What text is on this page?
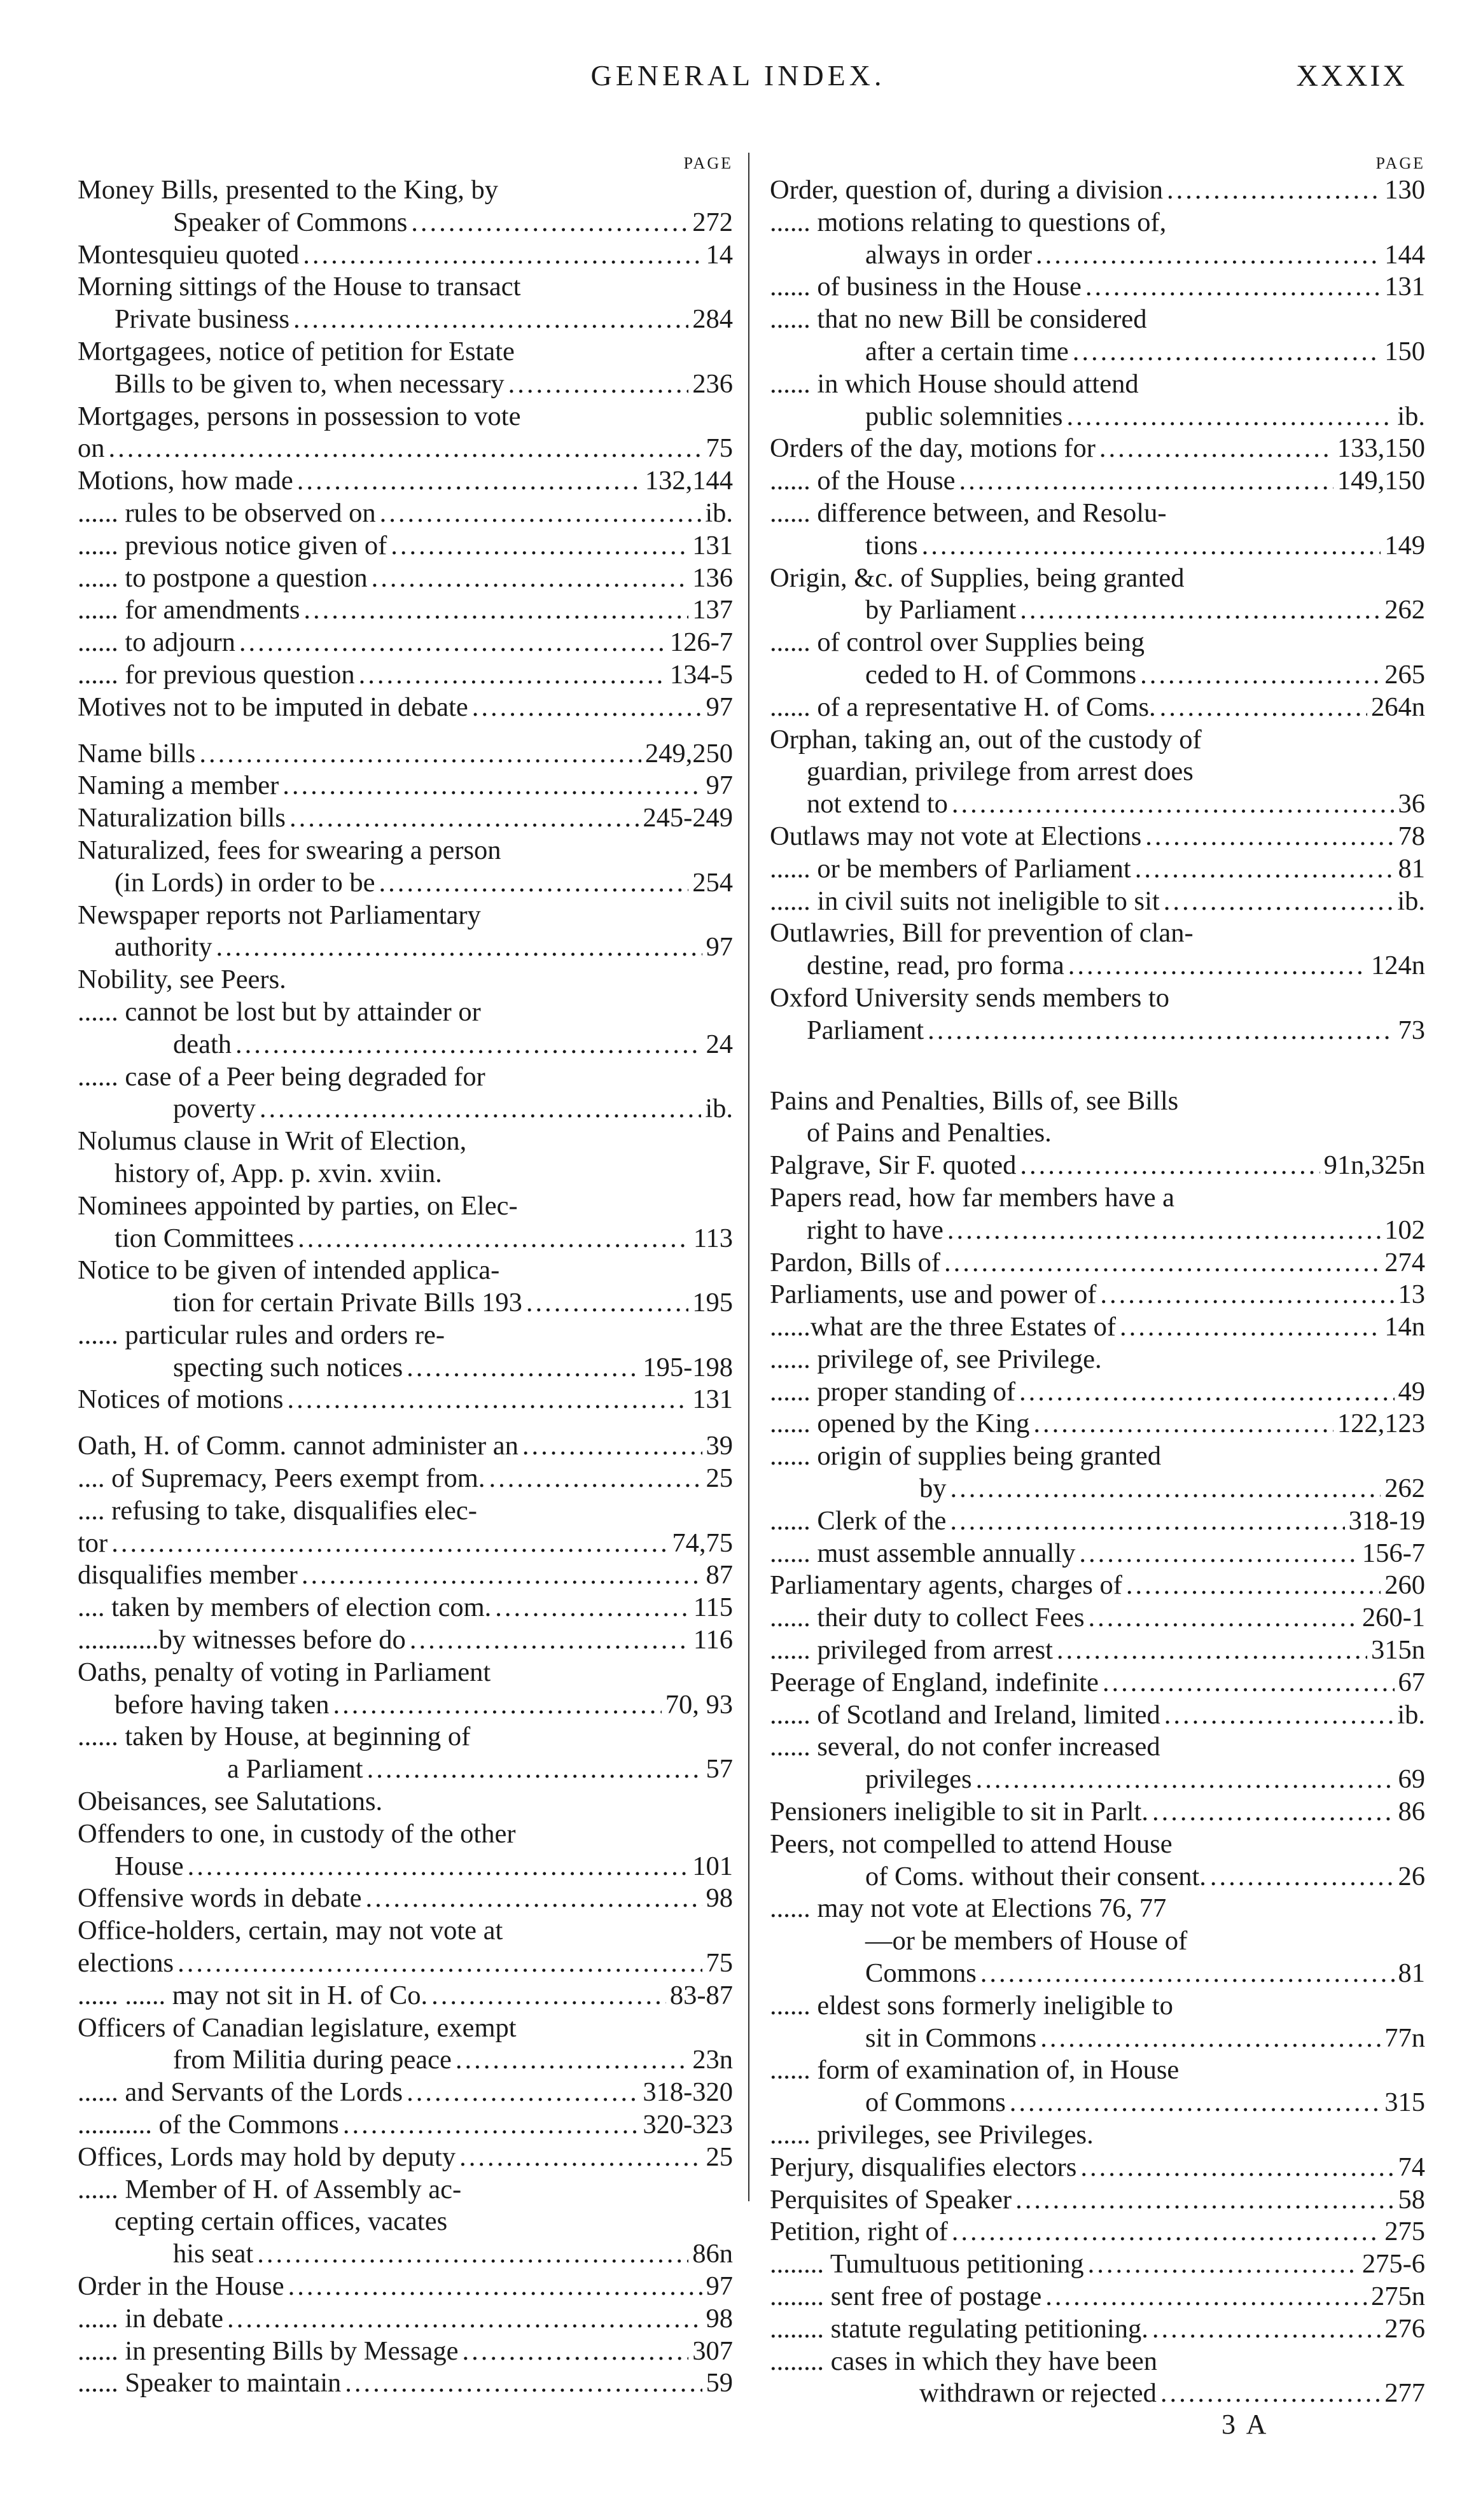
GENERAL INDEX.	XXXIX
PAGE
Money Bills, presented to the King, by
Speaker of Commons .....	272
Montesquieu quoted .....	14
Morning sittings of the House to transact
Private business .....	284
Mortgagees, notice of petition for Estate
Bills to be given to, when necessary .....	236
Mortgages, persons in possession to vote
on .....	75
Motions, how made .....	132,144
...... rules to be observed on .....	ib.
...... previous notice given of .....	131
...... to postpone a question .....	136
...... for amendments .....	137
...... to adjourn .....	126-7
...... for previous question .....	134-5
Motives not to be imputed in debate .....	97
Name bills .....	249,250
Naming a member .....	97
Naturalization bills .....	245-249
Naturalized, fees for swearing a person
(in Lords) in order to be .....	254
Newspaper reports not Parliamentary
authority .....	97
Nobility, see Peers.
...... cannot be lost but by attainder or
death .....	24
...... case of a Peer being degraded for
poverty .....	ib.
Nolumus clause in Writ of Election,
history of, App. p. xvin. xviin.
Nominees appointed by parties, on Elec-
tion Committees .....	113
Notice to be given of intended applica-
tion for certain Private Bills 193 .....	195
...... particular rules and orders re-
specting such notices .....	195-198
Notices of motions .....	131
Oath, H. of Comm. cannot administer an .....	39
.... of Supremacy, Peers exempt from. .....	25
.... refusing to take, disqualifies elec-
tor .....	74,75
disqualifies member .....	87
.... taken by members of election com. .....	115
............by witnesses before do .....	116
Oaths, penalty of voting in Parliament
before having taken .....	70, 93
...... taken by House, at beginning of
a Parliament .....	57
Obeisances, see Salutations.
Offenders to one, in custody of the other
House .....	101
Offensive words in debate .....	98
Office-holders, certain, may not vote at
elections .....	75
...... ...... may not sit in H. of Co. .....	83-87
Officers of Canadian legislature, exempt
from Militia during peace .....	23n
...... and Servants of the Lords .....	318-320
........... of the Commons .....	320-323
Offices, Lords may hold by deputy .....	25
...... Member of H. of Assembly ac-
cepting certain offices, vacates
his seat .....	86n
Order in the House .....	97
...... in debate .....	98
...... in presenting Bills by Message .....	307
...... Speaker to maintain .....	59
PAGE
Order, question of, during a division .....	130
...... motions relating to questions of,
always in order .....	144
...... of business in the House .....	131
...... that no new Bill be considered
after a certain time .....	150
...... in which House should attend
public solemnities .....	ib.
Orders of the day, motions for .....	133,150
...... of the House .....	149,150
...... difference between, and Resolu-
tions .....	149
Origin, &c. of Supplies, being granted
by Parliament .....	262
...... of control over Supplies being
ceded to H. of Commons .....	265
...... of a representative H. of Coms. .....	264n
Orphan, taking an, out of the custody of
guardian, privilege from arrest does
not extend to .....	36
Outlaws may not vote at Elections .....	78
...... or be members of Parliament .....	81
...... in civil suits not ineligible to sit .....	ib.
Outlawries, Bill for prevention of clan-
destine, read, pro forma .....	124n
Oxford University sends members to
Parliament .....	73
Pains and Penalties, Bills of, see Bills
of Pains and Penalties.
Palgrave, Sir F. quoted .....	91n,325n
Papers read, how far members have a
right to have .....	102
Pardon, Bills of .....	274
Parliaments, use and power of .....	13
......what are the three Estates of .....	14n
...... privilege of, see Privilege.
...... proper standing of .....	49
...... opened by the King .....	122,123
...... origin of supplies being granted
by .....	262
...... Clerk of the .....	318-19
...... must assemble annually .....	156-7
Parliamentary agents, charges of .....	260
...... their duty to collect Fees .....	260-1
...... privileged from arrest .....	315n
Peerage of England, indefinite .....	67
...... of Scotland and Ireland, limited .....	ib.
...... several, do not confer increased
privileges .....	69
Pensioners ineligible to sit in Parlt. .....	86
Peers, not compelled to attend House
of Coms. without their consent. .....	26
...... may not vote at Elections 76, 77
—or be members of House of
Commons .....	81
...... eldest sons formerly ineligible to
sit in Commons .....	77n
...... form of examination of, in House
of Commons .....	315
...... privileges, see Privileges.
Perjury, disqualifies electors .....	74
Perquisites of Speaker .....	58
Petition, right of .....	275
........ Tumultuous petitioning .....	275-6
........ sent free of postage .....	275n
........ statute regulating petitioning. .....	276
........ cases in which they have been
withdrawn or rejected .....	277
3 A
